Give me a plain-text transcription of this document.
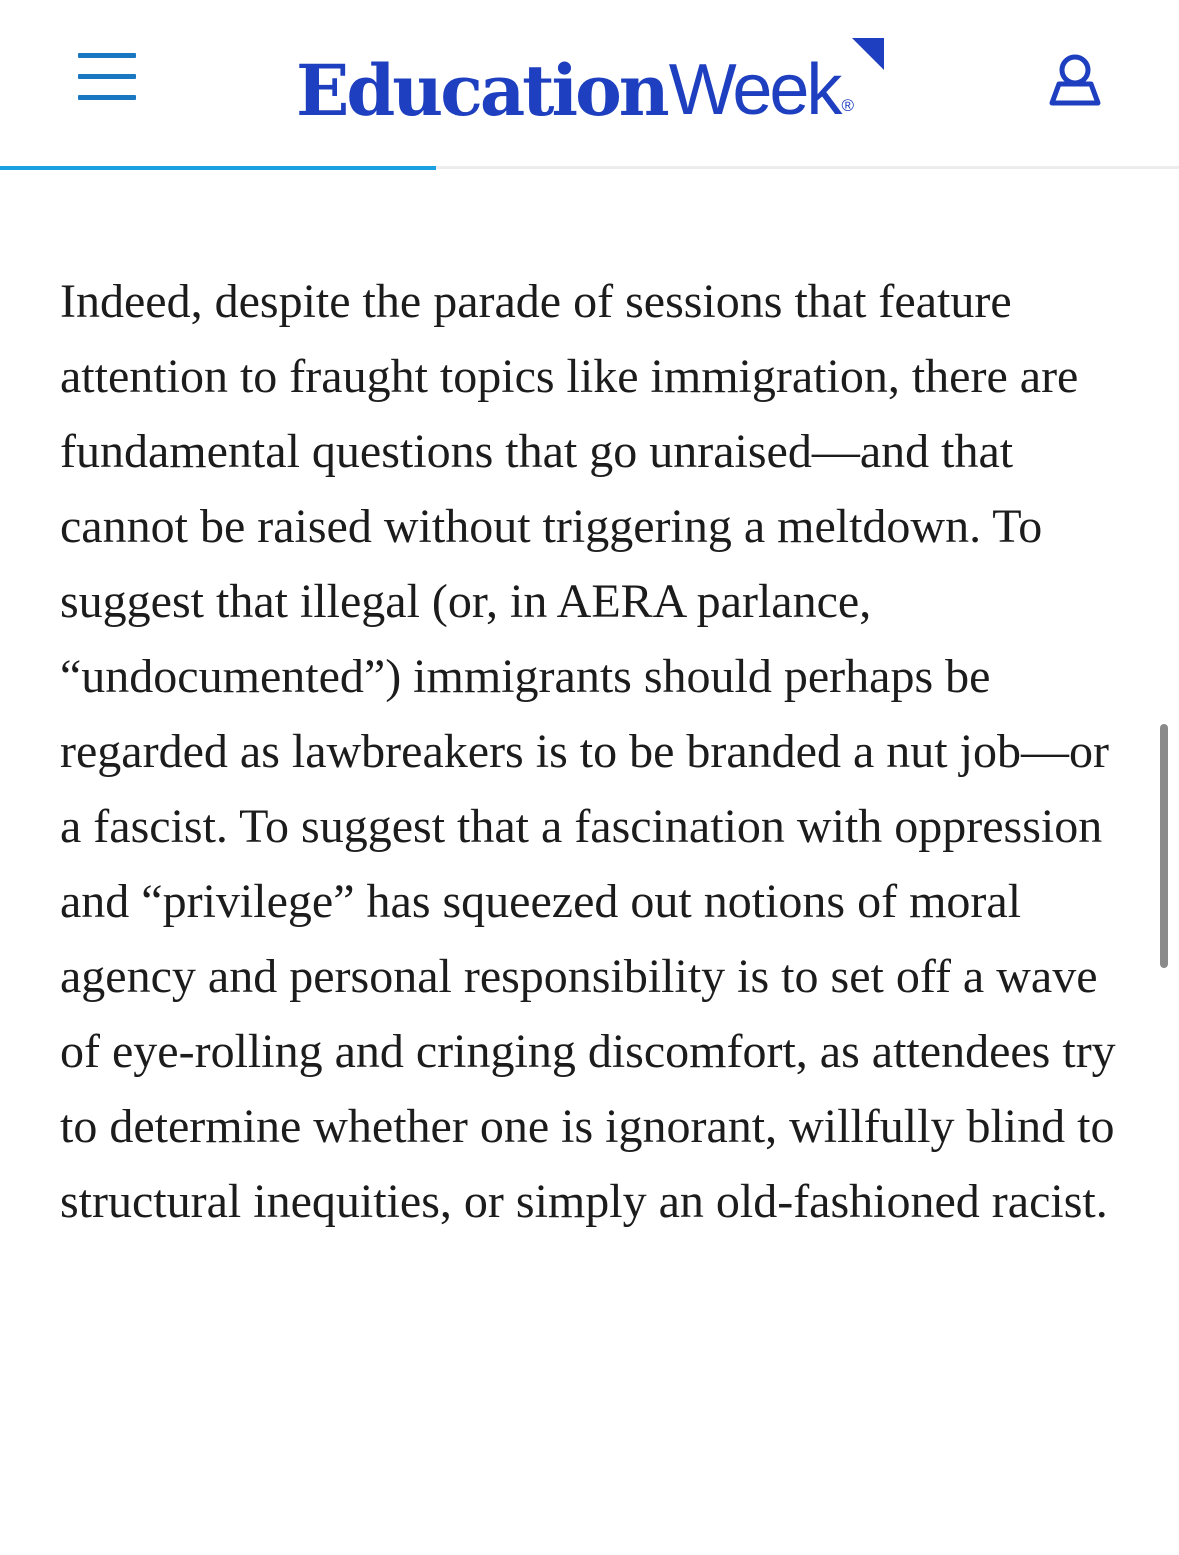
Education Week ®

Indeed, despite the parade of sessions that feature attention to fraught topics like immigration, there are fundamental questions that go unraised—and that cannot be raised without triggering a meltdown. To suggest that illegal (or, in AERA parlance, “undocumented”) immigrants should perhaps be regarded as lawbreakers is to be branded a nut job—or a fascist. To suggest that a fascination with oppression and “privilege” has squeezed out notions of moral agency and personal responsibility is to set off a wave of eye-rolling and cringing discomfort, as attendees try to determine whether one is ignorant, willfully blind to structural inequities, or simply an old-fashioned racist.
